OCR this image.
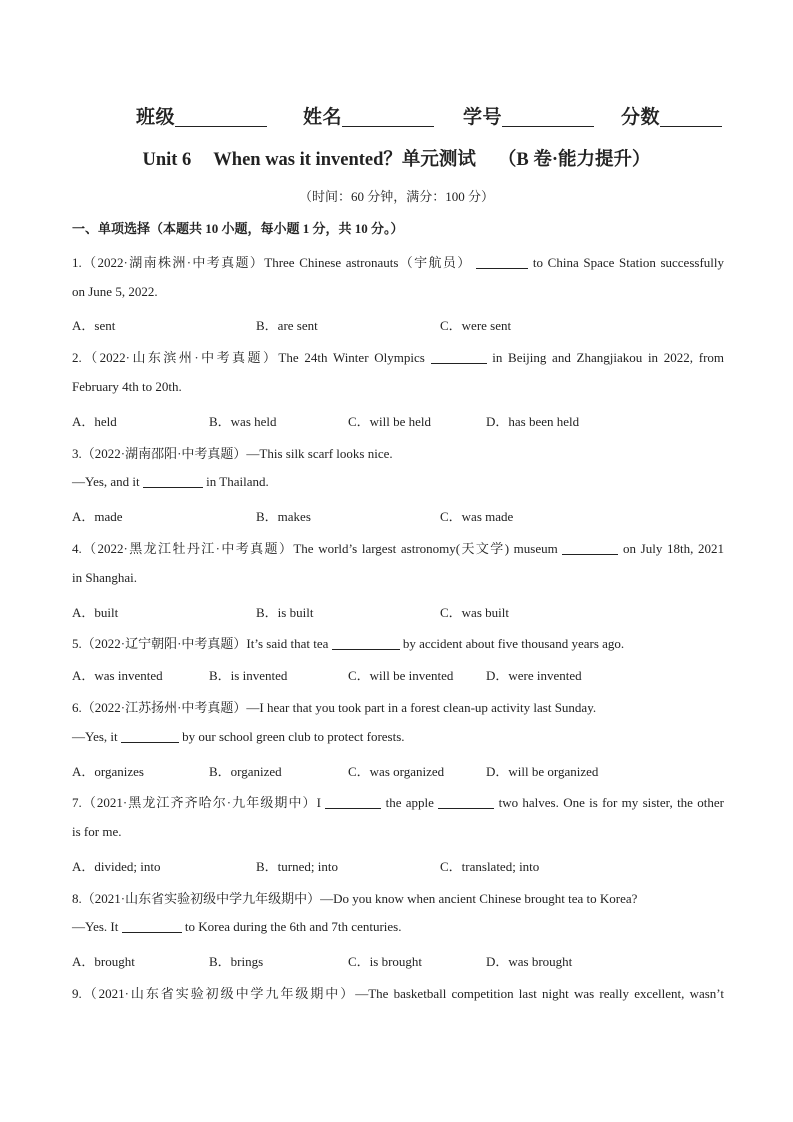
班级	姓名	学号	分数
Unit 6 When was it invented？单元测试 （B 卷·能力提升）
（时间：60 分钟，满分：100 分）
一、单项选择（本题共 10 小题，每小题 1 分，共 10 分。）
1.（2022·湖南株洲·中考真题）Three Chinese astronauts（宇航员）	to China Space Station successfully
on June 5, 2022.
A．sent	B．are sent	C．were sent
2.（2022·山东滨州·中考真题）The 24th Winter Olympics	in Beijing and Zhangjiakou in 2022, from
February 4th to 20th.
A．held	B．was held	C．will be held	D．has been held
3.（2022·湖南邵阳·中考真题）—This silk scarf looks nice.
—Yes, and it	in Thailand.
A．made	B．makes	C．was made
4.（2022·黑龙江牡丹江·中考真题）The world’s largest astronomy(天文学) museum	on July 18th, 2021
in Shanghai.
A．built	B．is built	C．was built
5.（2022·辽宁朝阳·中考真题）It’s said that tea	by accident about five thousand years ago.
A．was invented	B．is invented	C．will be invented	D．were invented
6.（2022·江苏扬州·中考真题）—I hear that you took part in a forest clean-up activity last Sunday.
—Yes, it	by our school green club to protect forests.
A．organizes	B．organized	C．was organized	D．will be organized
7.（2021·黑龙江齐齐哈尔·九年级期中）I	the apple	two halves. One is for my sister, the other
is for me.
A．divided; into	B．turned; into	C．translated; into
8.（2021·山东省实验初级中学九年级期中）—Do you know when ancient Chinese brought tea to Korea?
—Yes. It	to Korea during the 6th and 7th centuries.
A．brought	B．brings	C．is brought	D．was brought
9.（2021·山东省实验初级中学九年级期中）—The basketball competition last night was really excellent, wasn’t
